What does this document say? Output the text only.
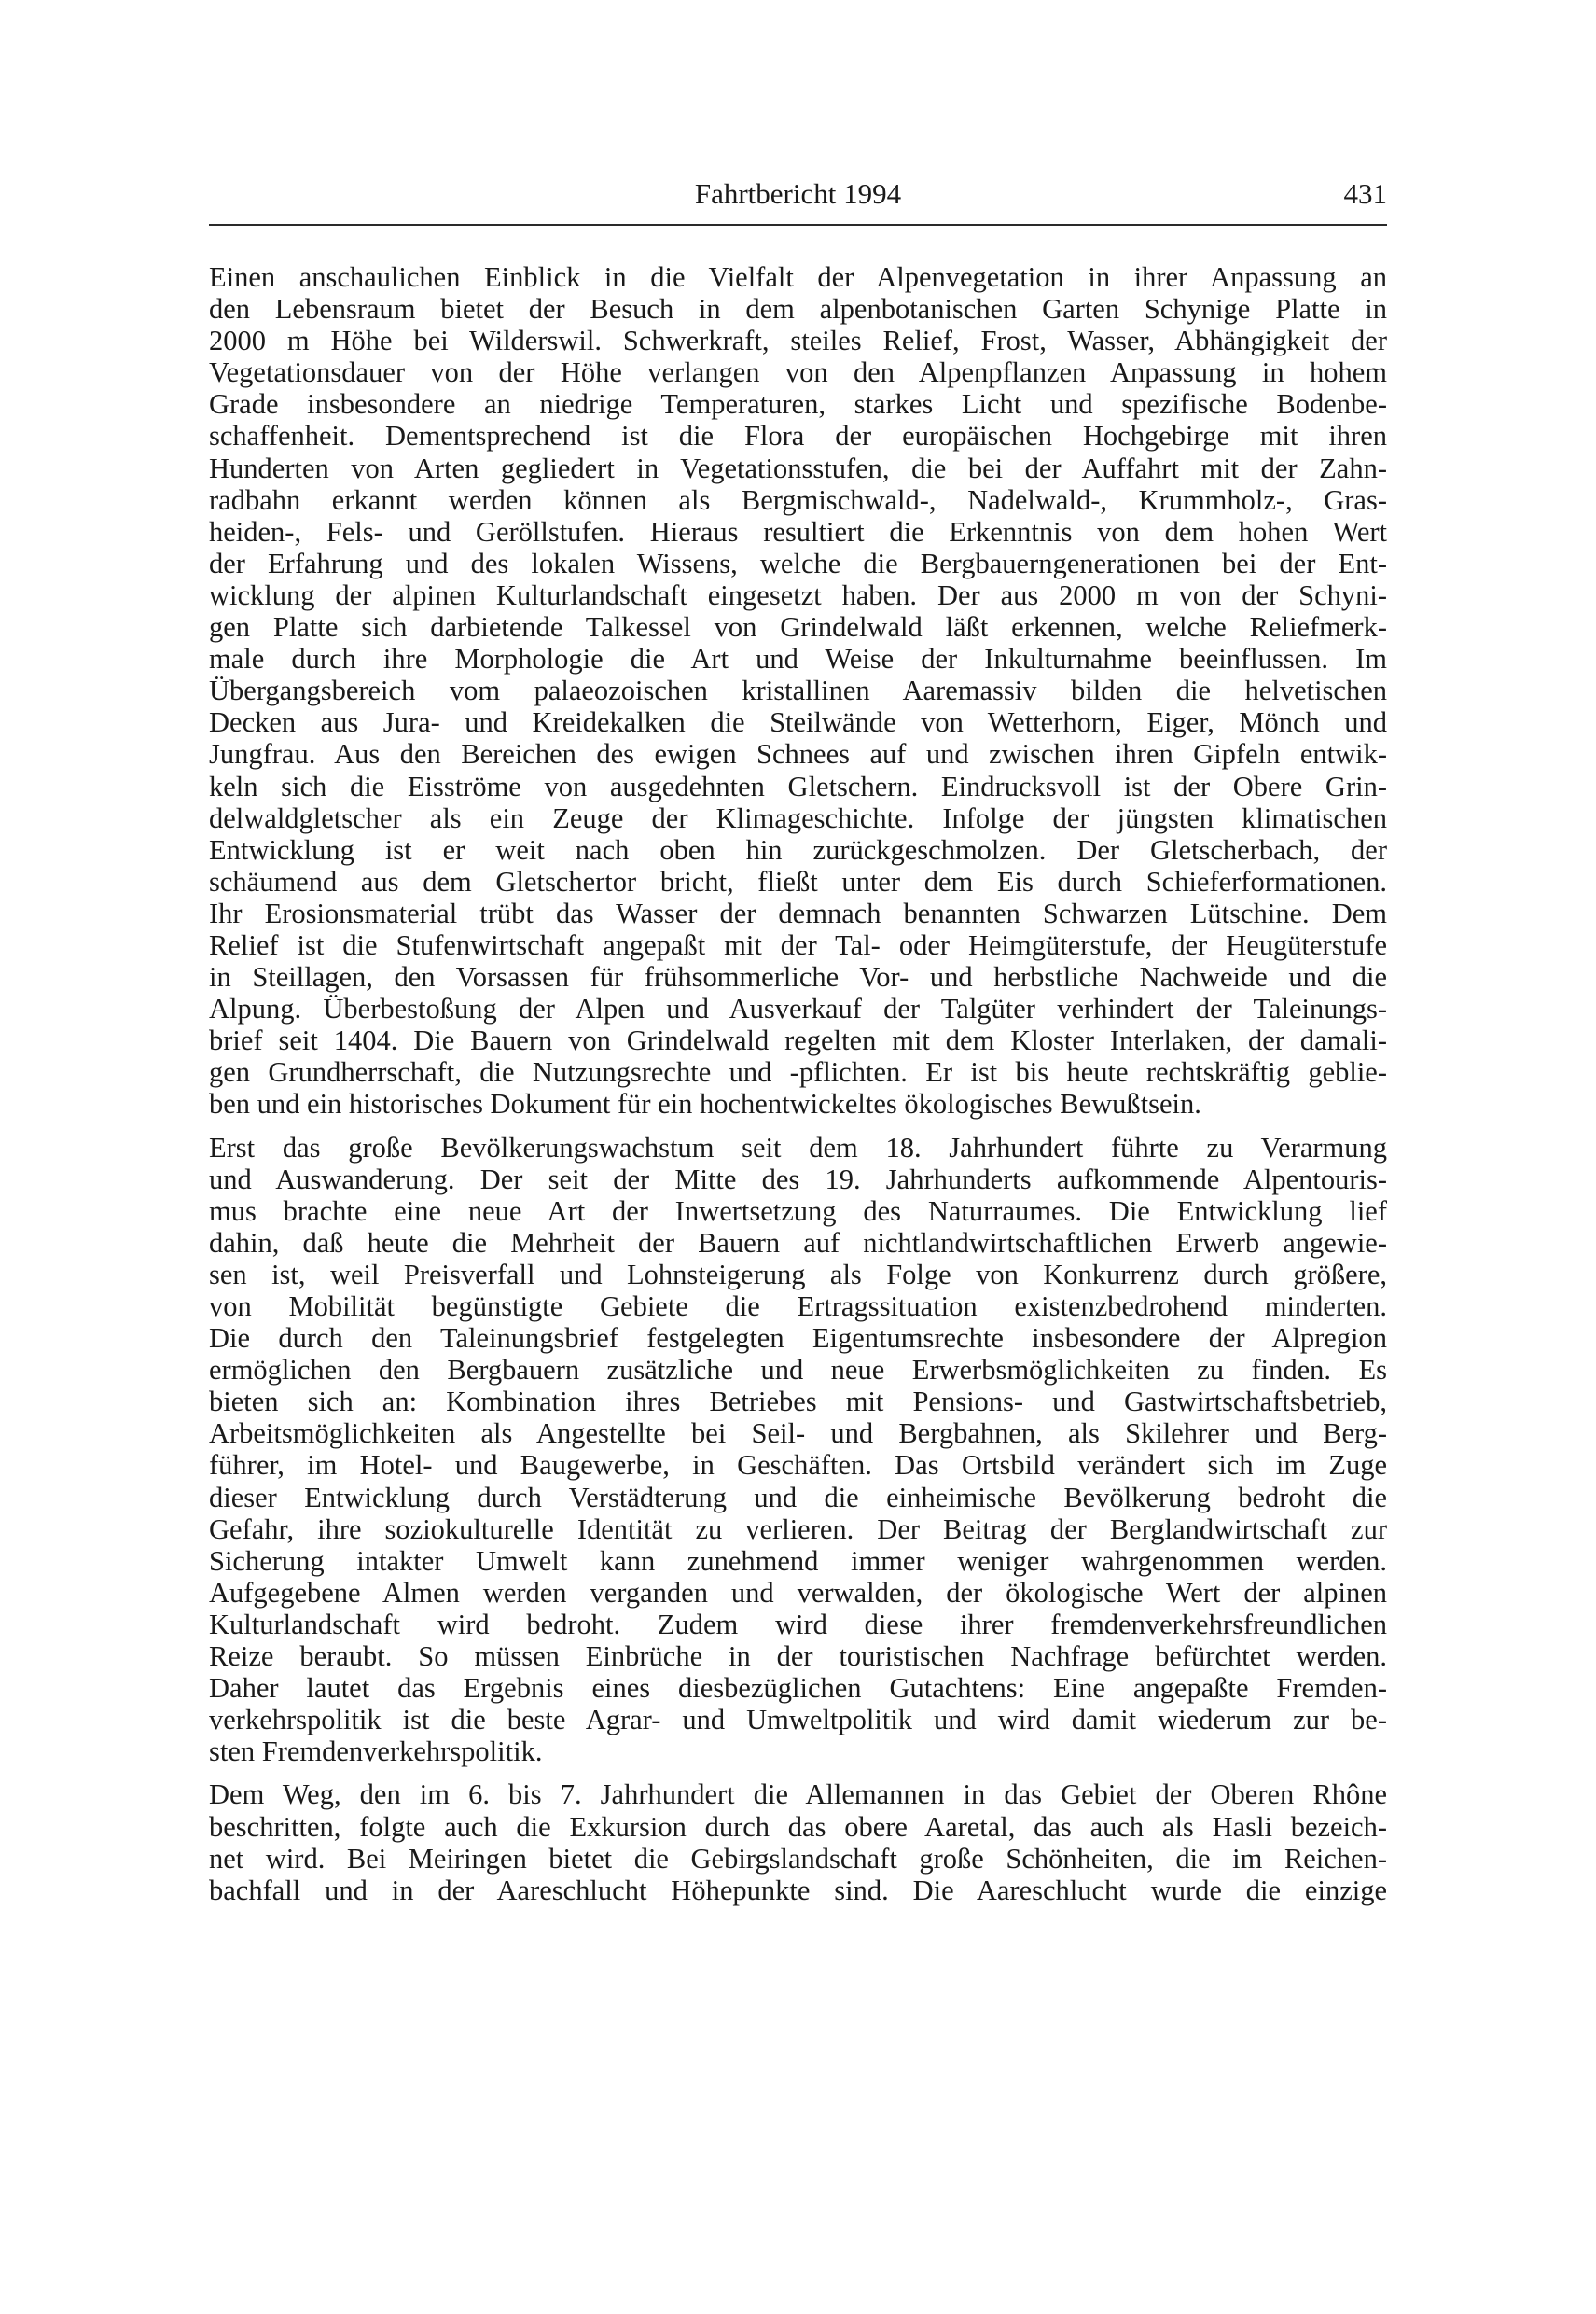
Fahrtbericht 1994	431

Einen anschaulichen Einblick in die Vielfalt der Alpenvegetation in ihrer Anpassung an
den Lebensraum bietet der Besuch in dem alpenbotanischen Garten Schynige Platte in
2000 m Höhe bei Wilderswil. Schwerkraft, steiles Relief, Frost, Wasser, Abhängigkeit der
Vegetationsdauer von der Höhe verlangen von den Alpenpflanzen Anpassung in hohem
Grade insbesondere an niedrige Temperaturen, starkes Licht und spezifische Bodenbe-
schaffenheit. Dementsprechend ist die Flora der europäischen Hochgebirge mit ihren
Hunderten von Arten gegliedert in Vegetationsstufen, die bei der Auffahrt mit der Zahn-
radbahn erkannt werden können als Bergmischwald-, Nadelwald-, Krummholz-, Gras-
heiden-, Fels- und Geröllstufen. Hieraus resultiert die Erkenntnis von dem hohen Wert
der Erfahrung und des lokalen Wissens, welche die Bergbauerngenerationen bei der Ent-
wicklung der alpinen Kulturlandschaft eingesetzt haben. Der aus 2000 m von der Schyni-
gen Platte sich darbietende Talkessel von Grindelwald läßt erkennen, welche Reliefmerk-
male durch ihre Morphologie die Art und Weise der Inkulturnahme beeinflussen. Im
Übergangsbereich vom palaeozoischen kristallinen Aaremassiv bilden die helvetischen
Decken aus Jura- und Kreidekalken die Steilwände von Wetterhorn, Eiger, Mönch und
Jungfrau. Aus den Bereichen des ewigen Schnees auf und zwischen ihren Gipfeln entwik-
keln sich die Eisströme von ausgedehnten Gletschern. Eindrucksvoll ist der Obere Grin-
delwaldgletscher als ein Zeuge der Klimageschichte. Infolge der jüngsten klimatischen
Entwicklung ist er weit nach oben hin zurückgeschmolzen. Der Gletscherbach, der
schäumend aus dem Gletschertor bricht, fließt unter dem Eis durch Schieferformationen.
Ihr Erosionsmaterial trübt das Wasser der demnach benannten Schwarzen Lütschine. Dem
Relief ist die Stufenwirtschaft angepaßt mit der Tal- oder Heimgüterstufe, der Heugüterstufe
in Steillagen, den Vorsassen für frühsommerliche Vor- und herbstliche Nachweide und die
Alpung. Überbestoßung der Alpen und Ausverkauf der Talgüter verhindert der Taleinungs-
brief seit 1404. Die Bauern von Grindelwald regelten mit dem Kloster Interlaken, der damali-
gen Grundherrschaft, die Nutzungsrechte und -pflichten. Er ist bis heute rechtskräftig geblie-
ben und ein historisches Dokument für ein hochentwickeltes ökologisches Bewußtsein.

Erst das große Bevölkerungswachstum seit dem 18. Jahrhundert führte zu Verarmung
und Auswanderung. Der seit der Mitte des 19. Jahrhunderts aufkommende Alpentouris-
mus brachte eine neue Art der Inwertsetzung des Naturraumes. Die Entwicklung lief
dahin, daß heute die Mehrheit der Bauern auf nichtlandwirtschaftlichen Erwerb angewie-
sen ist, weil Preisverfall und Lohnsteigerung als Folge von Konkurrenz durch größere,
von Mobilität begünstigte Gebiete die Ertragssituation existenzbedrohend minderten.
Die durch den Taleinungsbrief festgelegten Eigentumsrechte insbesondere der Alpregion
ermöglichen den Bergbauern zusätzliche und neue Erwerbsmöglichkeiten zu finden. Es
bieten sich an: Kombination ihres Betriebes mit Pensions- und Gastwirtschaftsbetrieb,
Arbeitsmöglichkeiten als Angestellte bei Seil- und Bergbahnen, als Skilehrer und Berg-
führer, im Hotel- und Baugewerbe, in Geschäften. Das Ortsbild verändert sich im Zuge
dieser Entwicklung durch Verstädterung und die einheimische Bevölkerung bedroht die
Gefahr, ihre soziokulturelle Identität zu verlieren. Der Beitrag der Berglandwirtschaft zur
Sicherung intakter Umwelt kann zunehmend immer weniger wahrgenommen werden.
Aufgegebene Almen werden verganden und verwalden, der ökologische Wert der alpinen
Kulturlandschaft wird bedroht. Zudem wird diese ihrer fremdenverkehrsfreundlichen
Reize beraubt. So müssen Einbrüche in der touristischen Nachfrage befürchtet werden.
Daher lautet das Ergebnis eines diesbezüglichen Gutachtens: Eine angepaßte Fremden-
verkehrspolitik ist die beste Agrar- und Umweltpolitik und wird damit wiederum zur be-
sten Fremdenverkehrspolitik.

Dem Weg, den im 6. bis 7. Jahrhundert die Allemannen in das Gebiet der Oberen Rhône
beschritten, folgte auch die Exkursion durch das obere Aaretal, das auch als Hasli bezeich-
net wird. Bei Meiringen bietet die Gebirgslandschaft große Schönheiten, die im Reichen-
bachfall und in der Aareschlucht Höhepunkte sind. Die Aareschlucht wurde die einzige
